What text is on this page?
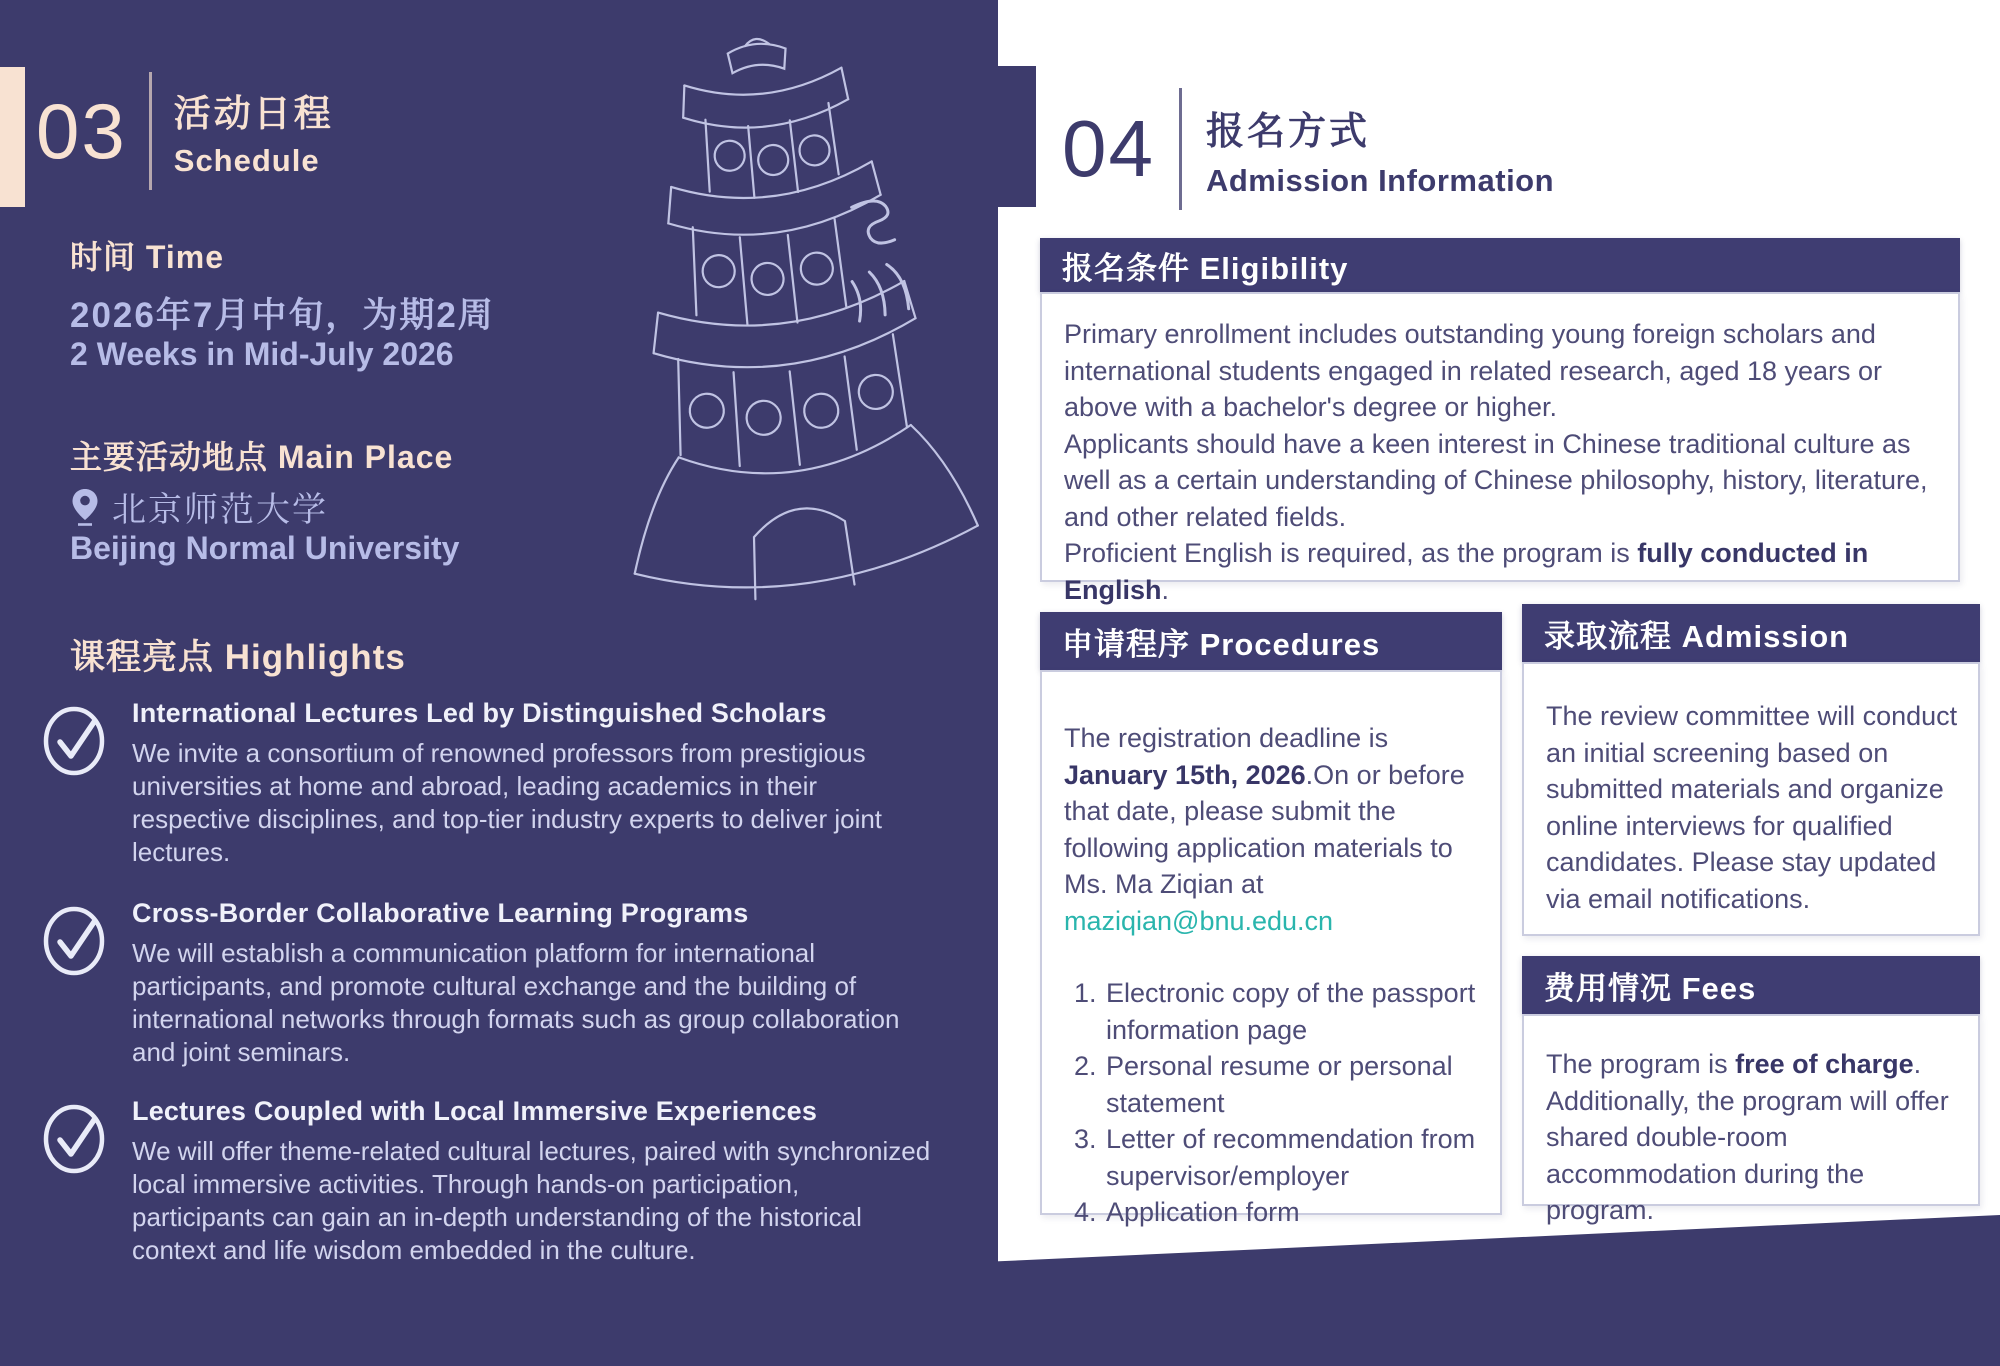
03 活动日程
Schedule
时间 Time
2026年7月中旬，为期2周
2 Weeks in Mid-July 2026
主要活动地点 Main Place
北京师范大学
Beijing Normal University
课程亮点 Highlights
International Lectures Led by Distinguished Scholars
We invite a consortium of renowned professors from prestigious universities at home and abroad, leading academics in their respective disciplines, and top-tier industry experts to deliver joint lectures.
Cross-Border Collaborative Learning Programs
We will establish a communication platform for international participants, and promote cultural exchange and the building of international networks through formats such as group collaboration and joint seminars.
Lectures Coupled with Local Immersive Experiences
We will offer theme-related cultural lectures, paired with synchronized local immersive activities. Through hands-on participation, participants can gain an in-depth understanding of the historical context and life wisdom embedded in the culture.
04 报名方式
Admission Information
报名条件 Eligibility
Primary enrollment includes outstanding young foreign scholars and international students engaged in related research, aged 18 years or above with a bachelor's degree or higher.
Applicants should have a keen interest in Chinese traditional culture as well as a certain understanding of Chinese philosophy, history, literature, and other related fields.
Proficient English is required, as the program is fully conducted in English.
申请程序 Procedures
The registration deadline is January 15th, 2026.On or before that date, please submit the following application materials to Ms. Ma Ziqian at maziqian@bnu.edu.cn
1. Electronic copy of the passport information page
2. Personal resume or personal statement
3. Letter of recommendation from supervisor/employer
4. Application form
录取流程 Admission
The review committee will conduct an initial screening based on submitted materials and organize online interviews for qualified candidates. Please stay updated via email notifications.
费用情况 Fees
The program is free of charge. Additionally, the program will offer shared double-room accommodation during the program.
